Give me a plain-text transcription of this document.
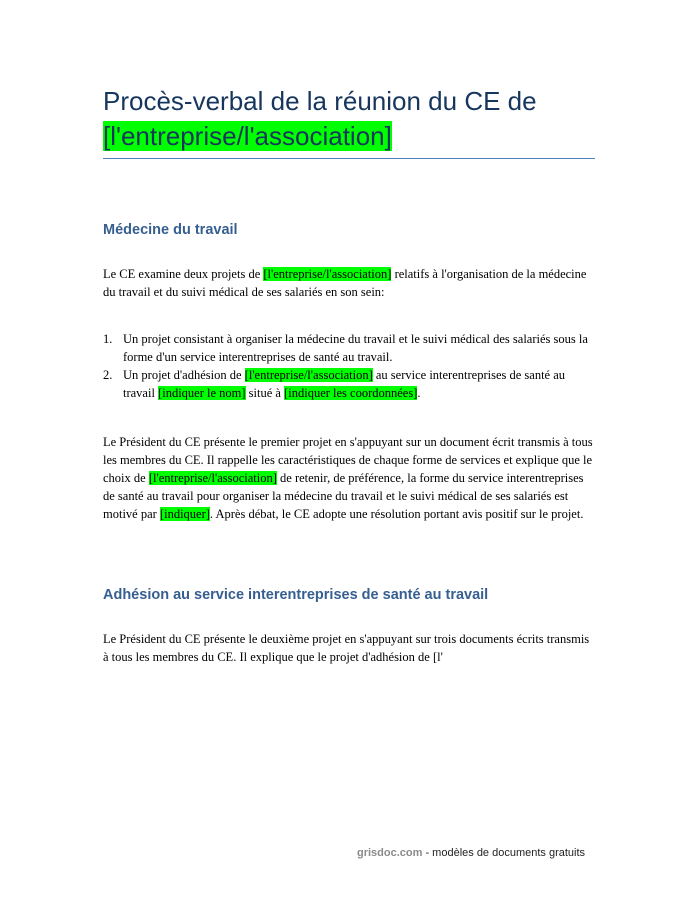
Procès-verbal de la réunion du CE de
[l'entreprise/l'association]
Médecine du travail
Le CE examine deux projets de [l'entreprise/l'association] relatifs à l'organisation de la médecine du travail et du suivi médical de ses salariés en son sein:
1. Un projet consistant à organiser la médecine du travail et le suivi médical des salariés sous la forme d'un service interentreprises de santé au travail.
2. Un projet d'adhésion de [l'entreprise/l'association] au service interentreprises de santé au travail [indiquer le nom] situé à [indiquer les coordonnées].
Le Président du CE présente le premier projet en s'appuyant sur un document écrit transmis à tous les membres du CE. Il rappelle les caractéristiques de chaque forme de services et explique que le choix de [l'entreprise/l'association] de retenir, de préférence, la forme du service interentreprises de santé au travail pour organiser la médecine du travail et le suivi médical de ses salariés est motivé par [indiquer]. Après débat, le CE adopte une résolution portant avis positif sur le projet.
Adhésion au service interentreprises de santé au travail
Le Président du CE présente le deuxième projet en s'appuyant sur trois documents écrits transmis à tous les membres du CE. Il explique que le projet d'adhésion de [l'
grisdoc.com - modèles de documents gratuits
